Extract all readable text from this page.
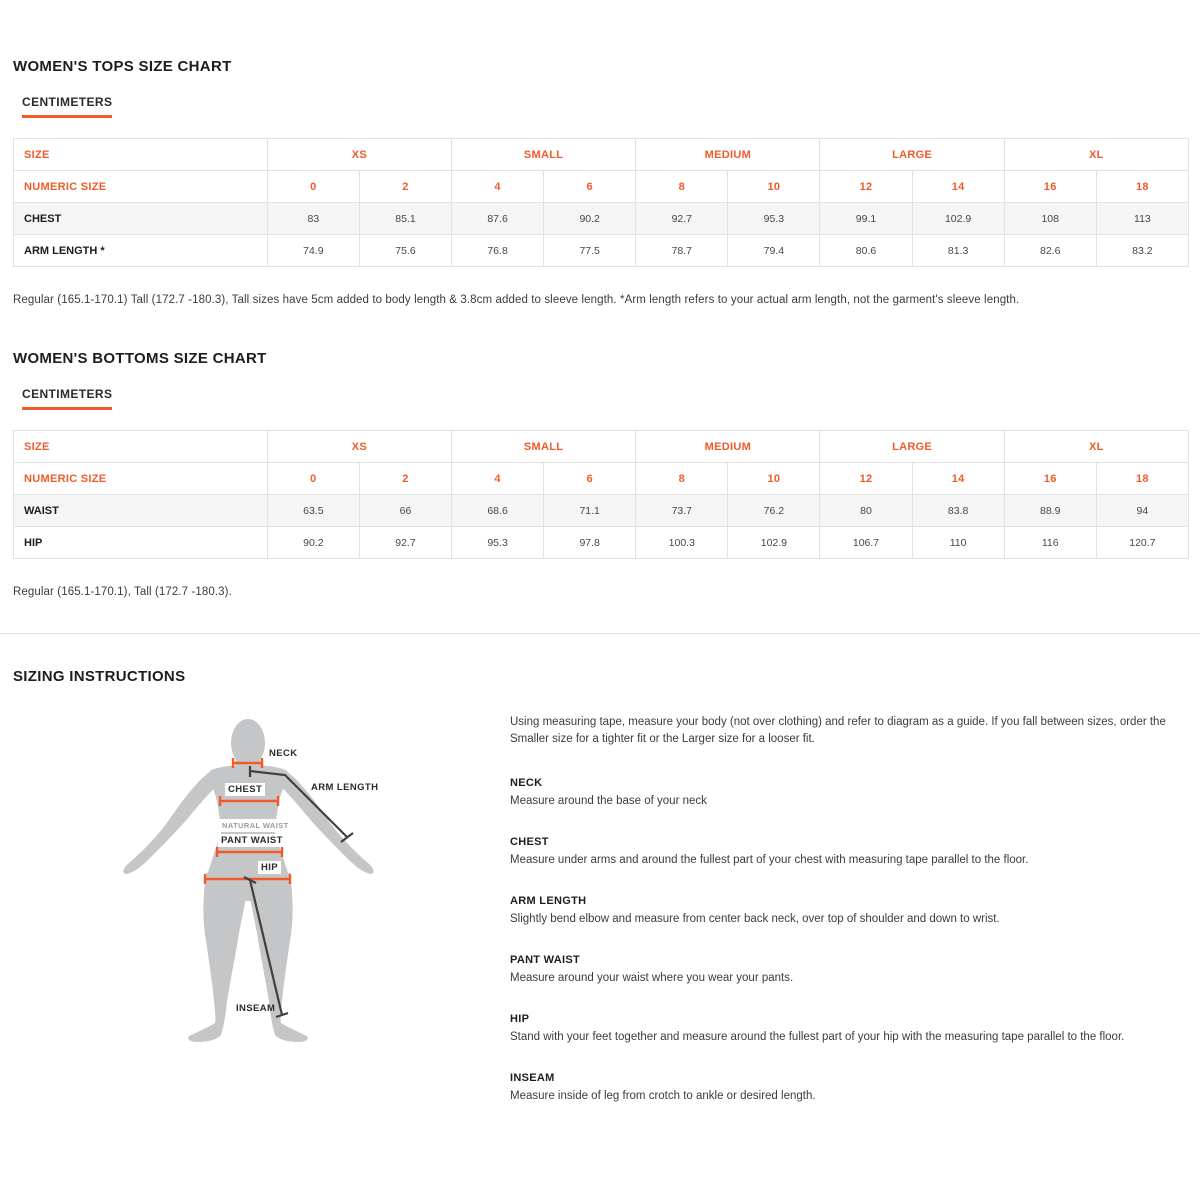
WOMEN'S TOPS SIZE CHART
CENTIMETERS
SIZE	XS		SMALL		MEDIUM		LARGE		XL	
NUMERIC SIZE	0	2	4	6	8	10	12	14	16	18
CHEST	83	85.1	87.6	90.2	92.7	95.3	99.1	102.9	108	113
ARM LENGTH *	74.9	75.6	76.8	77.5	78.7	79.4	80.6	81.3	82.6	83.2
Regular (165.1-170.1) Tall (172.7 -180.3), Tall sizes have 5cm added to body length & 3.8cm added to sleeve length. *Arm length refers to your actual arm length, not the garment's sleeve length.
WOMEN'S BOTTOMS SIZE CHART
CENTIMETERS
SIZE	XS		SMALL		MEDIUM		LARGE		XL	
NUMERIC SIZE	0	2	4	6	8	10	12	14	16	18
WAIST	63.5	66	68.6	71.1	73.7	76.2	80	83.8	88.9	94
HIP	90.2	92.7	95.3	97.8	100.3	102.9	106.7	110	116	120.7
Regular (165.1-170.1), Tall (172.7 -180.3).
SIZING INSTRUCTIONS
NECK
CHEST	ARM LENGTH
NATURAL WAIST
PANT WAIST
HIP
INSEAM

Using measuring tape, measure your body (not over clothing) and refer to diagram as a guide. If you fall between sizes, order the Smaller size for a tighter fit or the Larger size for a looser fit.

NECK
Measure around the base of your neck
CHEST
Measure under arms and around the fullest part of your chest with measuring tape parallel to the floor.
ARM LENGTH
Slightly bend elbow and measure from center back neck, over top of shoulder and down to wrist.
PANT WAIST
Measure around your waist where you wear your pants.
HIP
Stand with your feet together and measure around the fullest part of your hip with the measuring tape parallel to the floor.
INSEAM
Measure inside of leg from crotch to ankle or desired length.
